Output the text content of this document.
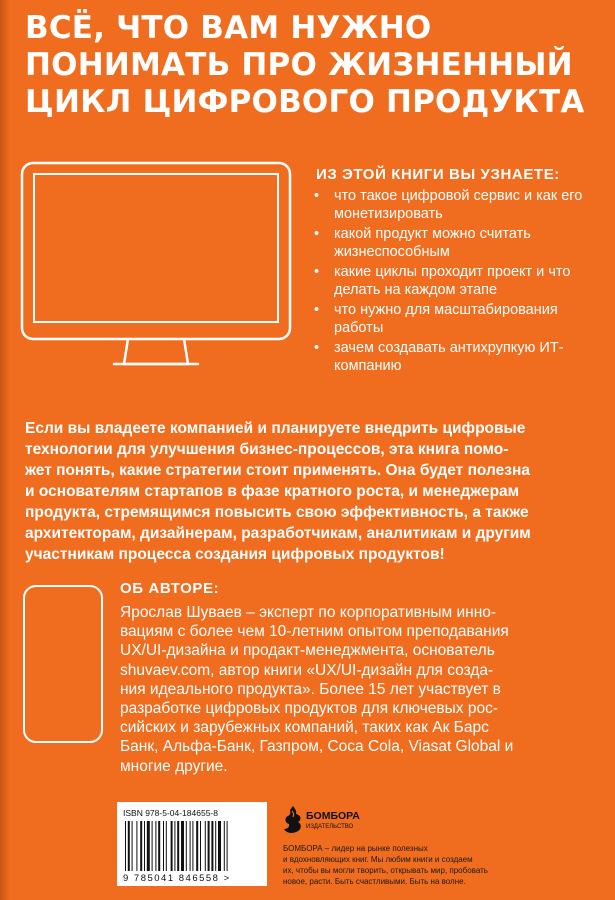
ВСЁ, ЧТО ВАМ НУЖНО
ПОНИМАТЬ ПРО ЖИЗНЕННЫЙ
ЦИКЛ ЦИФРОВОГО ПРОДУКТА
ИЗ ЭТОЙ КНИГИ ВЫ УЗНАЕТЕ:
• что такое цифровой сервис и как его монетизировать
• какой продукт можно считать жизнеспособным
• какие циклы проходит проект и что делать на каждом этапе
• что нужно для масштабирования работы
• зачем создавать антихрупкую ИТ-компанию
Если вы владеете компанией и планируете внедрить цифровые
технологии для улучшения бизнес-процессов, эта книга помо-
жет понять, какие стратегии стоит применять. Она будет полезна
и основателям стартапов в фазе кратного роста, и менеджерам
продукта, стремящимся повысить свою эффективность, а также
архитекторам, дизайнерам, разработчикам, аналитикам и другим
участникам процесса создания цифровых продуктов!
ОБ АВТОРЕ:
Ярослав Шуваев – эксперт по корпоративным инно-
вациям с более чем 10-летним опытом преподавания
UX/UI-дизайна и продакт-менеджмента, основатель
shuvaev.com, автор книги «UX/UI-дизайн для созда-
ния идеального продукта». Более 15 лет участвует в
разработке цифровых продуктов для ключевых рос-
сийских и зарубежных компаний, таких как Ак Барс
Банк, Альфа-Банк, Газпром, Coca Cola, Viasat Global и
многие другие.
ISBN 978-5-04-184655-8
9 785041 846558 >
БОМБОРА
ИЗДАТЕЛЬСТВО
БОМБОРА – лидер на рынке полезных
и вдохновляющих книг. Мы любим книги и создаем
их, чтобы вы могли творить, открывать мир, пробовать
новое, расти. Быть счастливыми. Быть на волне.
